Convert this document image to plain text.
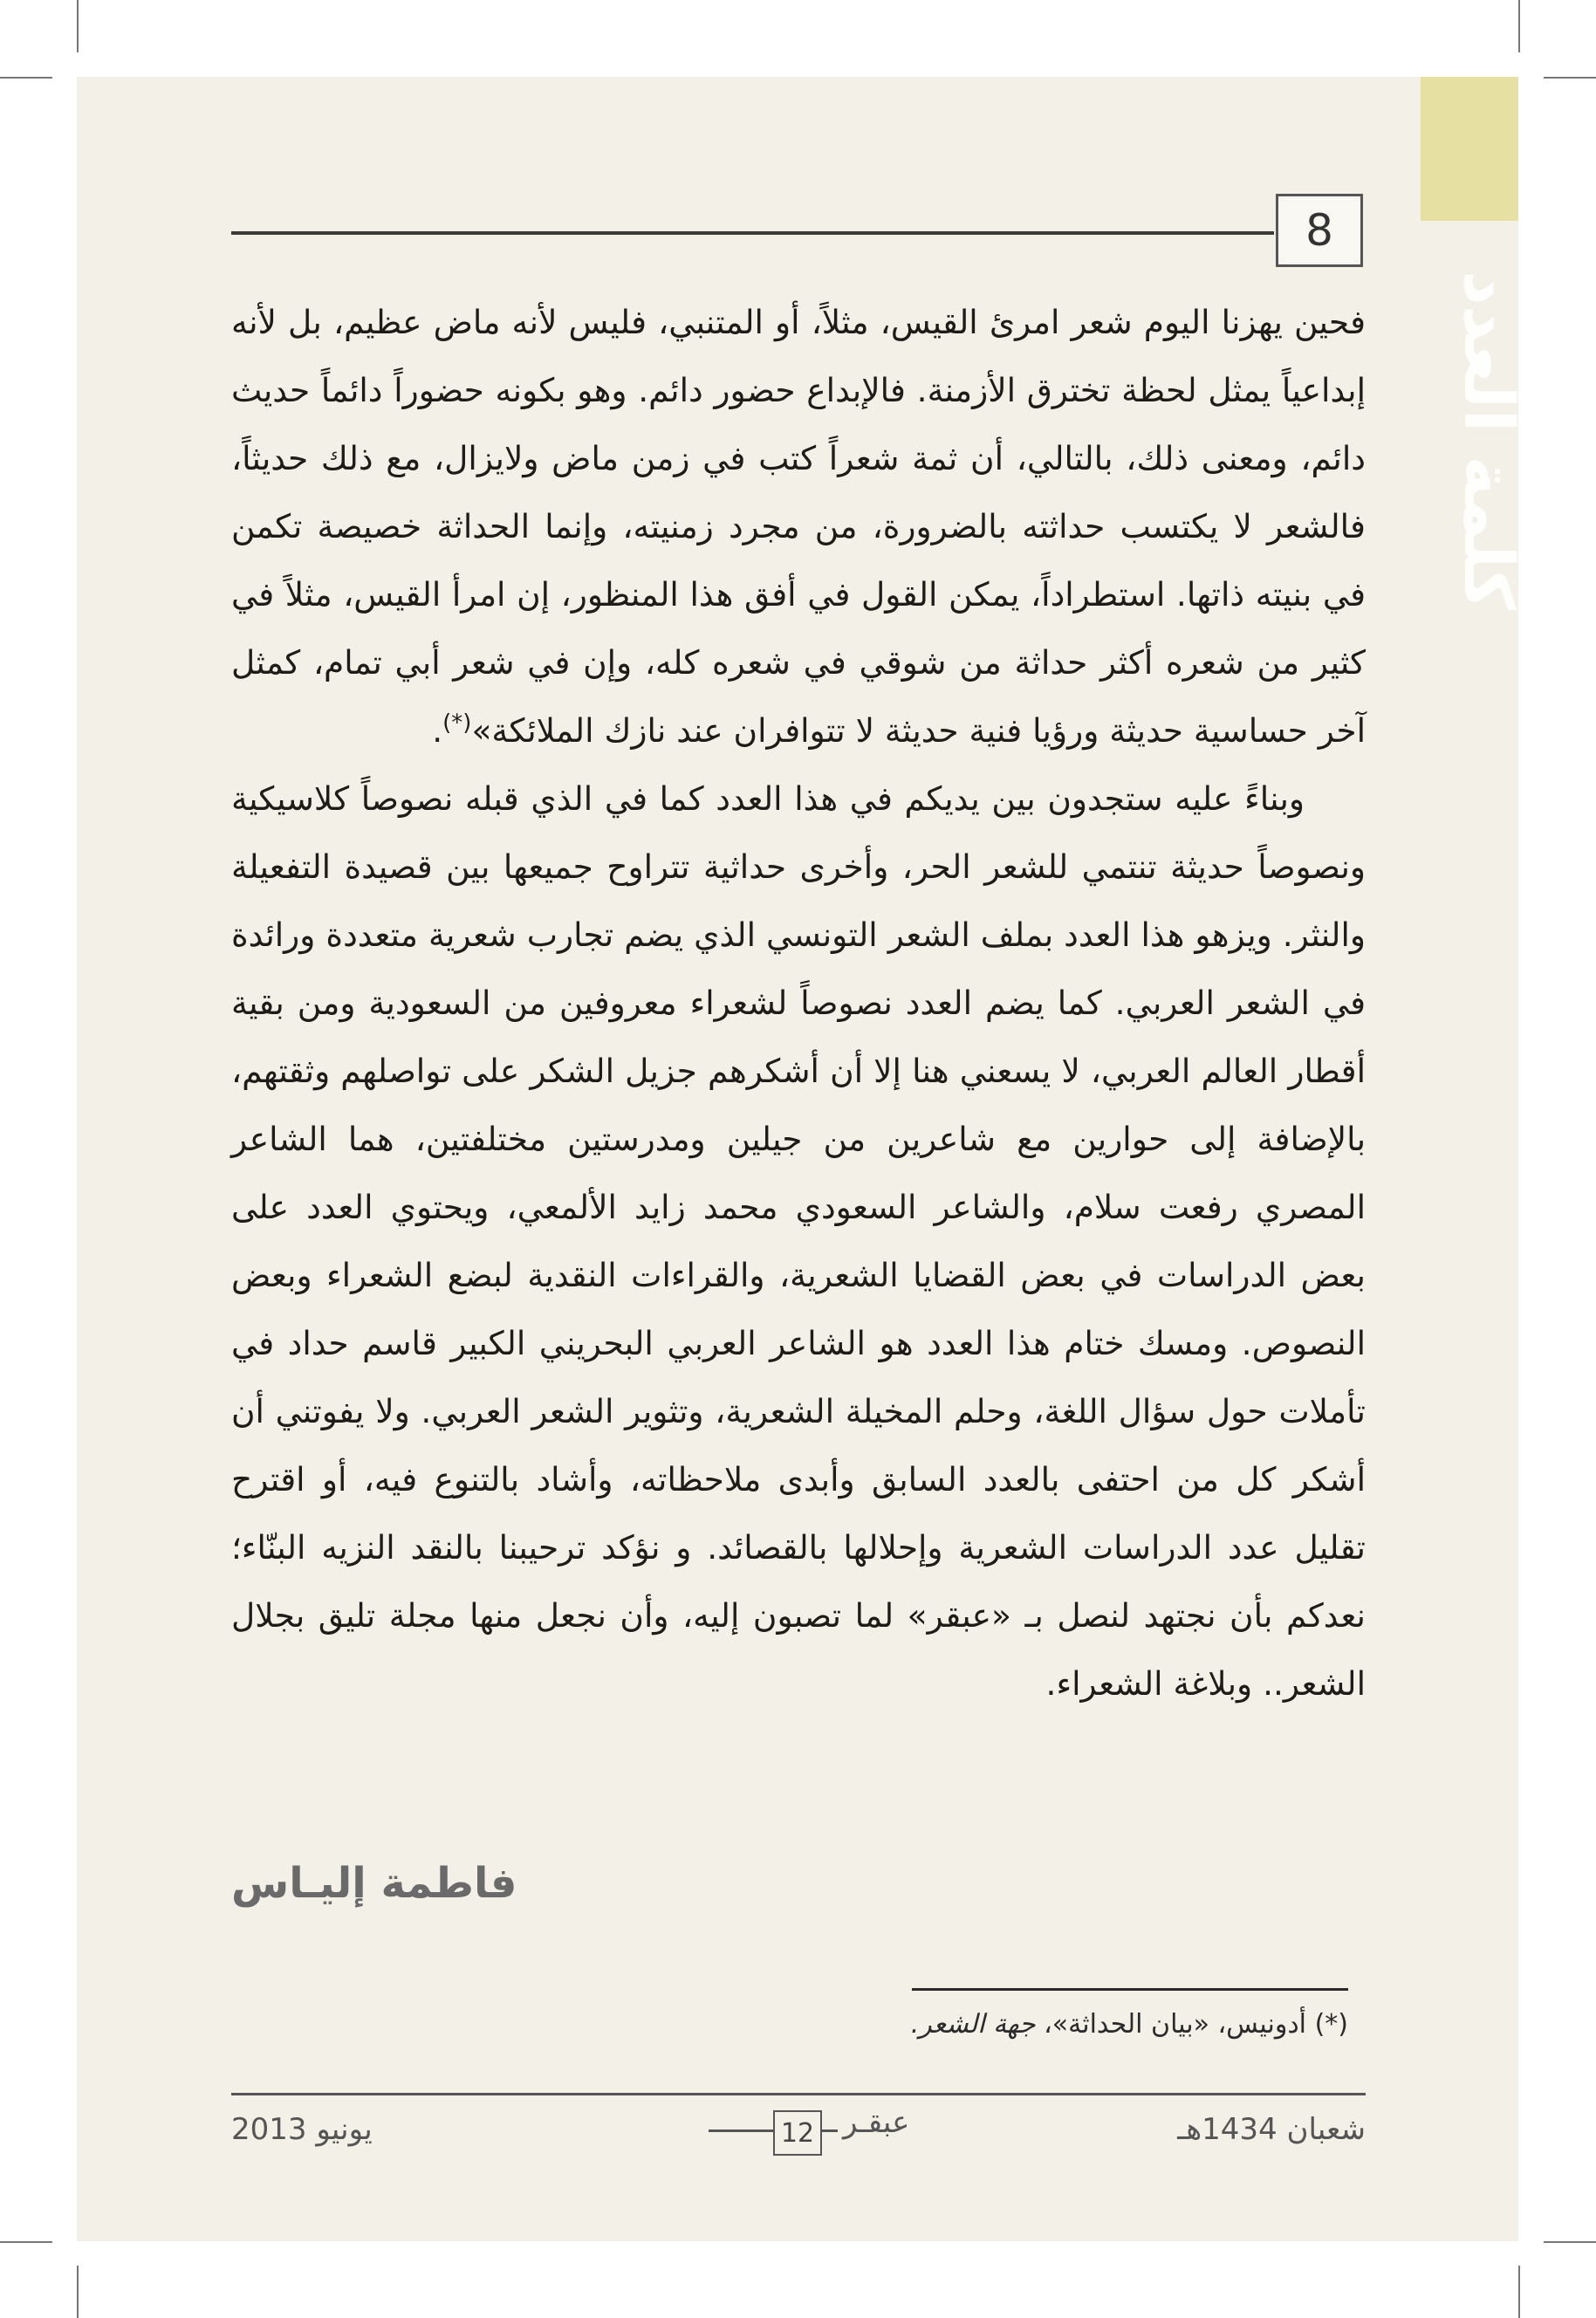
كلمة العدد
8

فحين يهزنا اليوم شعر امرئ القيس، مثلاً، أو المتنبي، فليس لأنه ماض عظيم، بل لأنه إبداعياً يمثل لحظة تخترق الأزمنة. فالإبداع حضور دائم. وهو بكونه حضوراً دائماً حديث دائم، ومعنى ذلك، بالتالي، أن ثمة شعراً كتب في زمن ماض ولايزال، مع ذلك حديثاً، فالشعر لا يكتسب حداثته بالضرورة، من مجرد زمنيته، وإنما الحداثة خصيصة تكمن في بنيته ذاتها. استطراداً، يمكن القول في أفق هذا المنظور، إن امرأ القيس، مثلاً في كثير من شعره أكثر حداثة من شوقي في شعره كله، وإن في شعر أبي تمام، كمثل آخر حساسية حديثة ورؤيا فنية حديثة لا تتوافران عند نازك الملائكة»(*).

وبناءً عليه ستجدون بين يديكم في هذا العدد كما في الذي قبله نصوصاً كلاسيكية ونصوصاً حديثة تنتمي للشعر الحر، وأخرى حداثية تتراوح جميعها بين قصيدة التفعيلة والنثر. ويزهو هذا العدد بملف الشعر التونسي الذي يضم تجارب شعرية متعددة ورائدة في الشعر العربي. كما يضم العدد نصوصاً لشعراء معروفين من السعودية ومن بقية أقطار العالم العربي، لا يسعني هنا إلا أن أشكرهم جزيل الشكر على تواصلهم وثقتهم، بالإضافة إلى حوارين مع شاعرين من جيلين ومدرستين مختلفتين، هما الشاعر المصري رفعت سلام، والشاعر السعودي محمد زايد الألمعي، ويحتوي العدد على بعض الدراسات في بعض القضايا الشعرية، والقراءات النقدية لبضع الشعراء وبعض النصوص. ومسك ختام هذا العدد هو الشاعر العربي البحريني الكبير قاسم حداد في تأملات حول سؤال اللغة، وحلم المخيلة الشعرية، وتثوير الشعر العربي. ولا يفوتني أن أشكر كل من احتفى بالعدد السابق وأبدى ملاحظاته، وأشاد بالتنوع فيه، أو اقترح تقليل عدد الدراسات الشعرية وإحلالها بالقصائد. و نؤكد ترحيبنا بالنقد النزيه البنّاء؛ نعدكم بأن نجتهد لنصل بـ «عبقر» لما تصبون إليه، وأن نجعل منها مجلة تليق بجلال الشعر.. وبلاغة الشعراء.

فاطمة إليـاس
(*) أدونيس، «بيان الحداثة»، جهة الشعر.
شعبان 1434هـ
عبقـر
12
يونيو 2013
